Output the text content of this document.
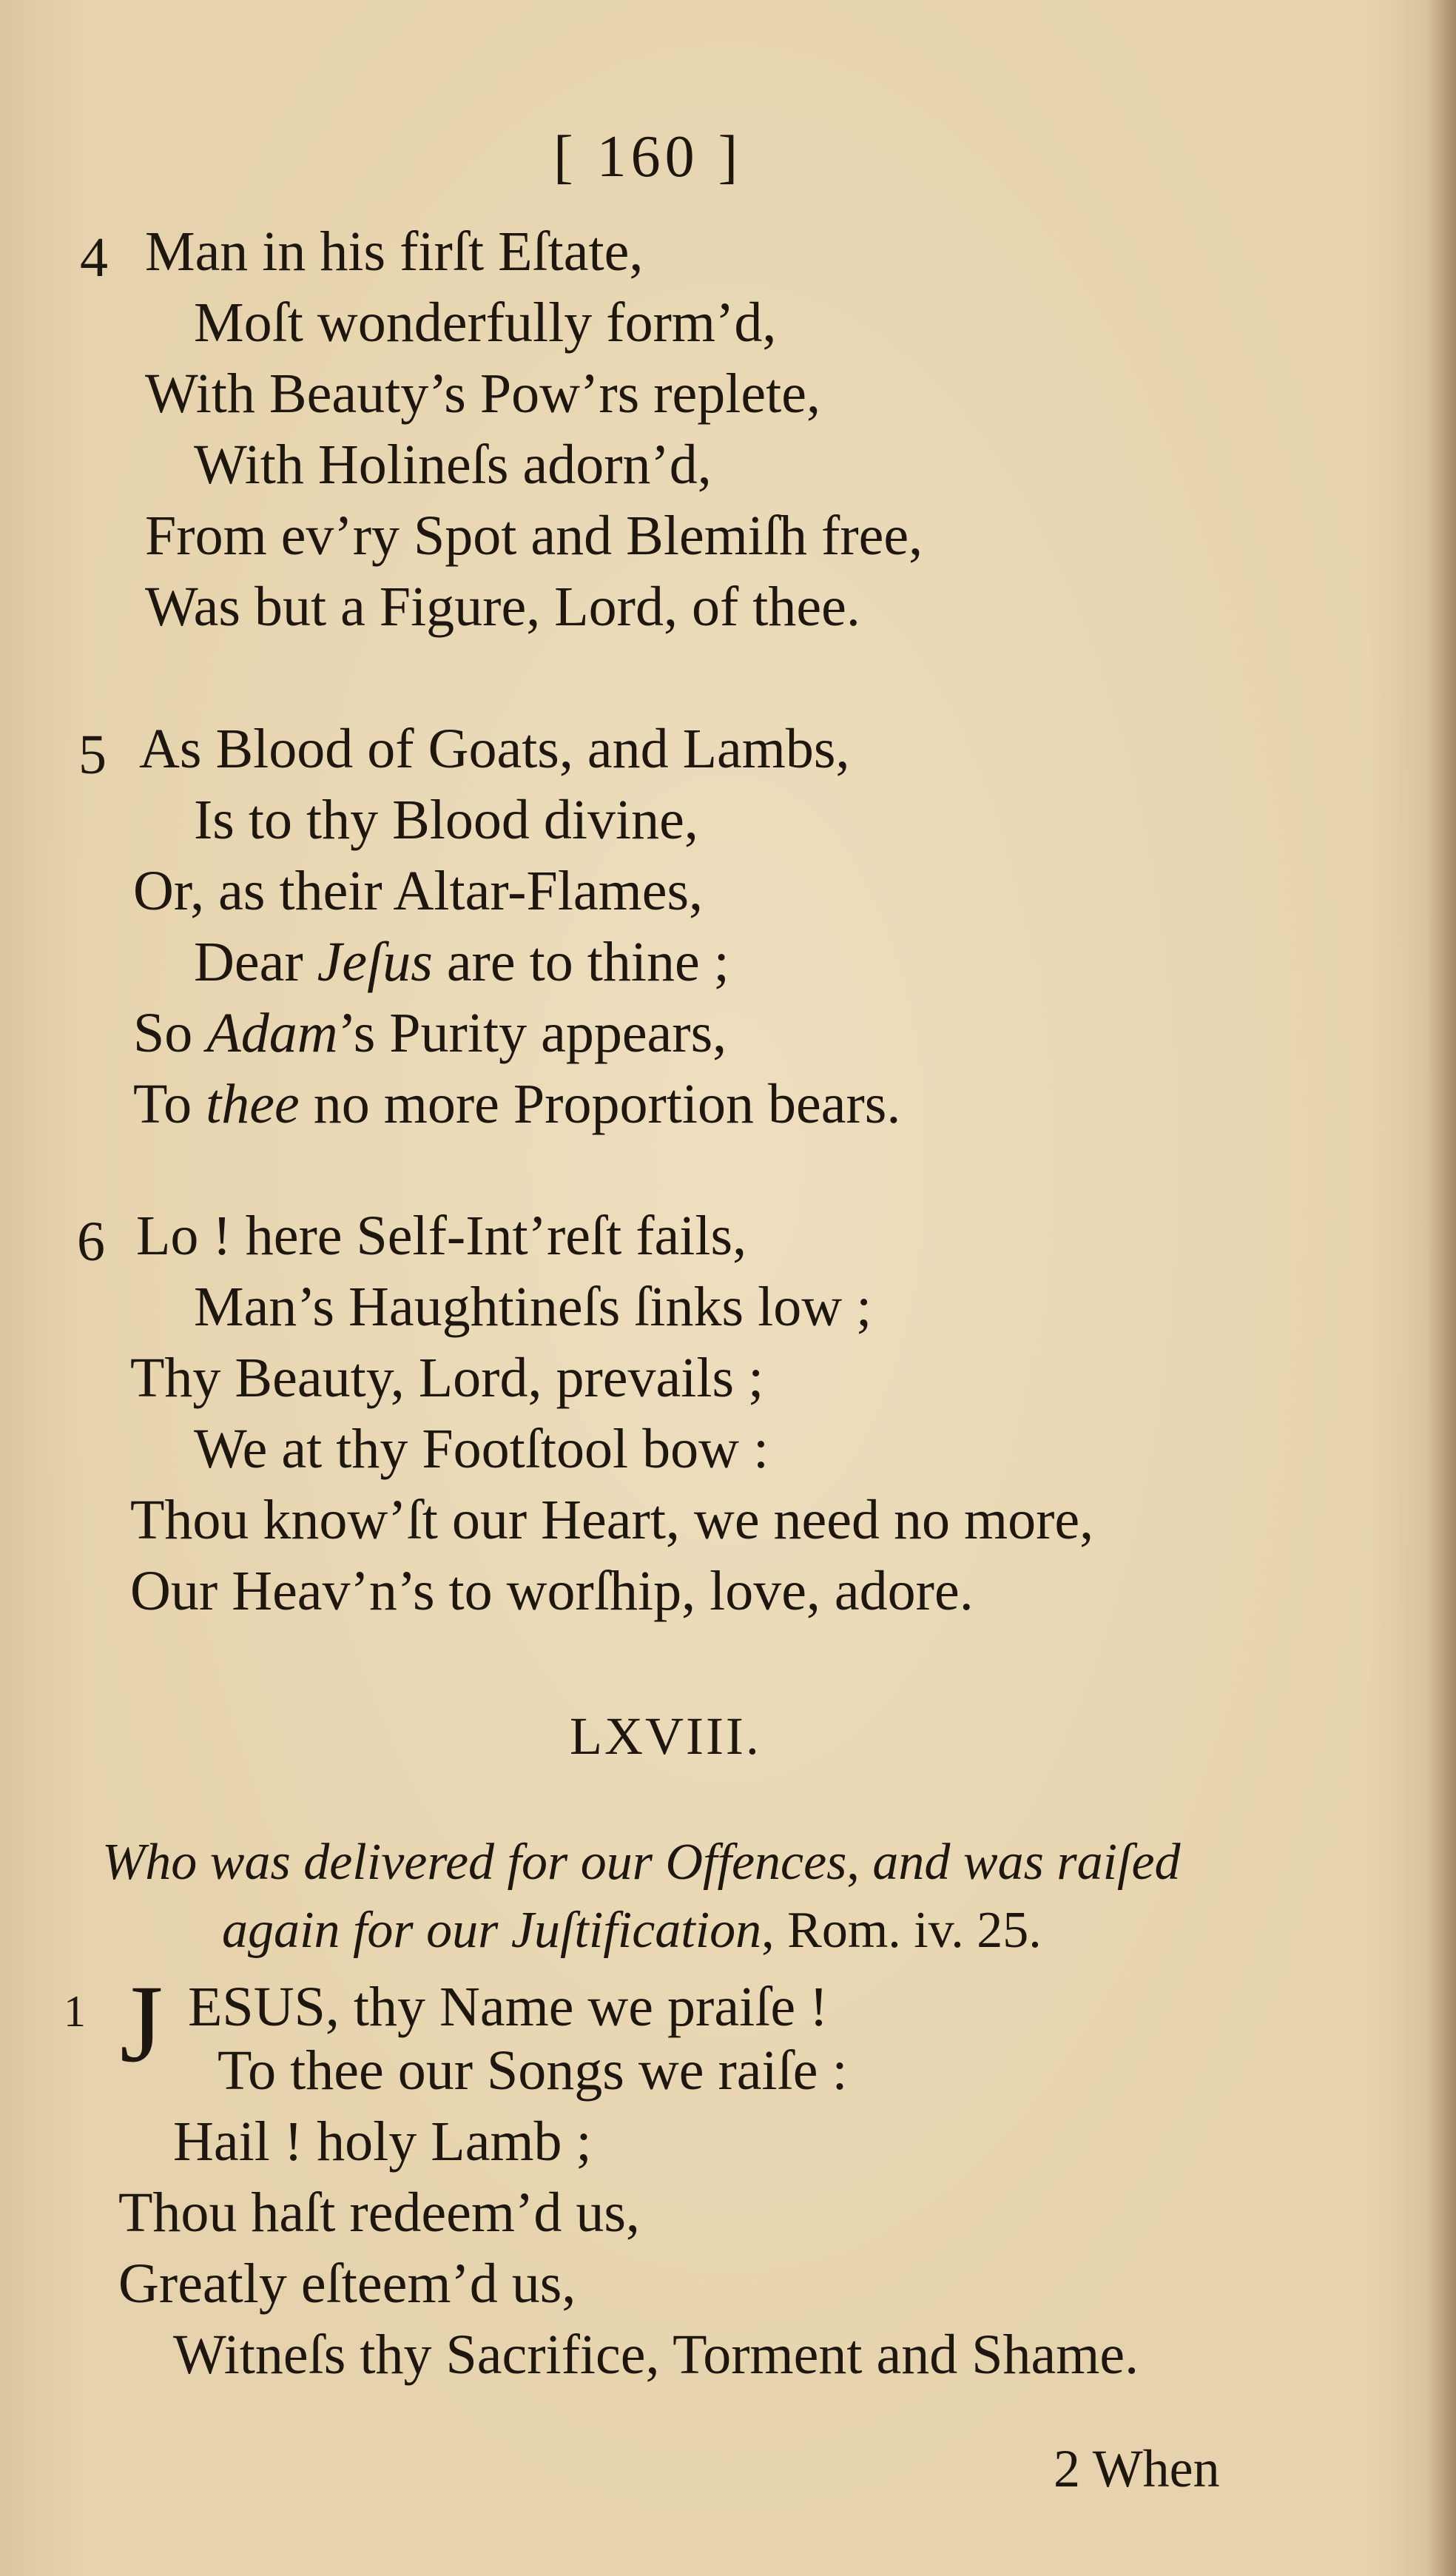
[ 160 ]
4 Man in his firſt Eſtate,
Moſt wonderfully form’d,
With Beauty’s Pow’rs replete,
With Holineſs adorn’d,
From ev’ry Spot and Blemiſh free,
Was but a Figure, Lord, of thee.
5 As Blood of Goats, and Lambs,
Is to thy Blood divine,
Or, as their Altar-Flames,
Dear Jeſus are to thine ;
So Adam’s Purity appears,
To thee no more Proportion bears.
6 Lo ! here Self-Int’reſt fails,
Man’s Haughtineſs ſinks low ;
Thy Beauty, Lord, prevails ;
We at thy Footſtool bow :
Thou know’ſt our Heart, we need no more,
Our Heav’n’s to worſhip, love, adore.
LXVIII.
Who was delivered for our Offences, and was raiſed
again for our Juſtification, Rom. iv. 25.
1 J ESUS, thy Name we praiſe !
To thee our Songs we raiſe :
Hail ! holy Lamb ;
Thou haſt redeem’d us,
Greatly eſteem’d us,
Witneſs thy Sacrifice, Torment and Shame.
2 When
